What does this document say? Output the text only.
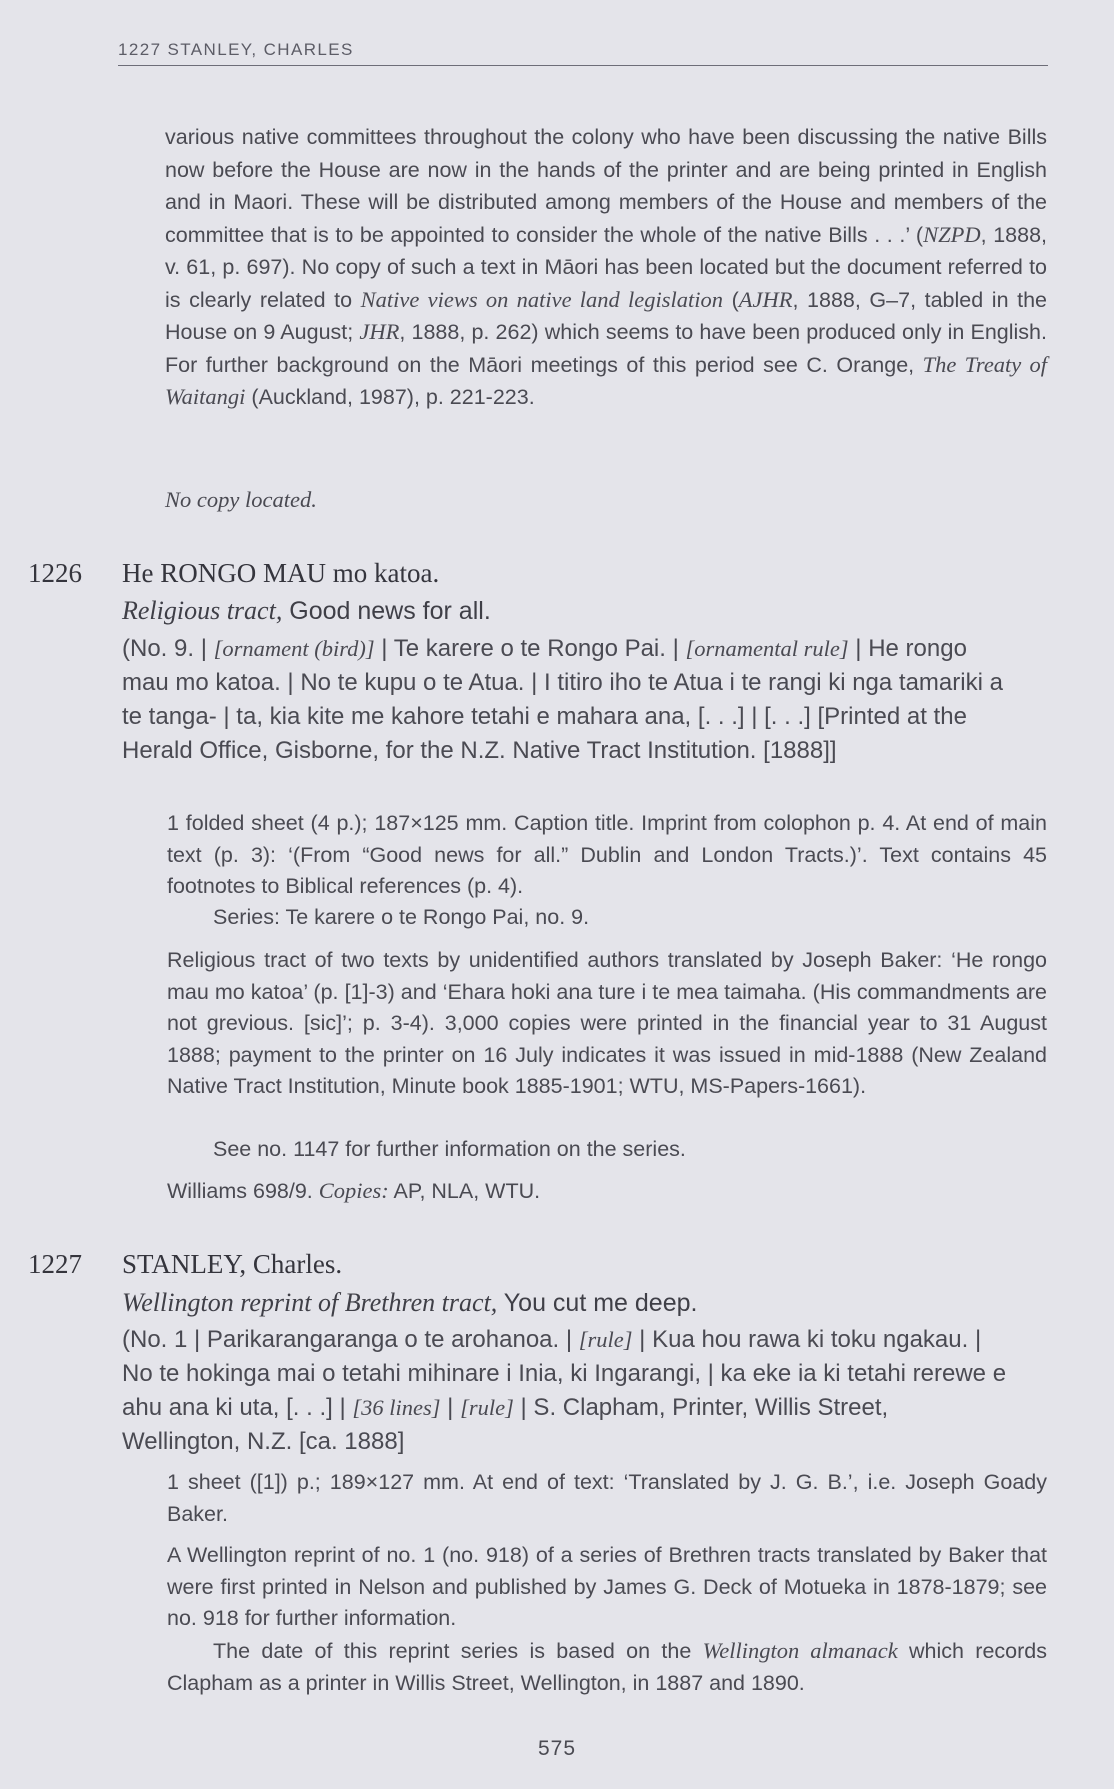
1227 STANLEY, CHARLES
various native committees throughout the colony who have been discussing the native Bills now before the House are now in the hands of the printer and are being printed in English and in Maori. These will be distributed among members of the House and members of the committee that is to be appointed to consider the whole of the native Bills . . .’ (NZPD, 1888, v. 61, p. 697). No copy of such a text in Māori has been located but the document referred to is clearly related to Native views on native land legislation (AJHR, 1888, G–7, tabled in the House on 9 August; JHR, 1888, p. 262) which seems to have been produced only in English. For further background on the Māori meetings of this period see C. Orange, The Treaty of Waitangi (Auckland, 1987), p. 221-223.
No copy located.
1226 He RONGO MAU mo katoa.
Religious tract, Good news for all.
(No. 9. | [ornament (bird)] | Te karere o te Rongo Pai. | [ornamental rule] | He rongo mau mo katoa. | No te kupu o te Atua. | I titiro iho te Atua i te rangi ki nga tamariki a te tanga- | ta, kia kite me kahore tetahi e mahara ana, [. . .] | [. . .] [Printed at the Herald Office, Gisborne, for the N.Z. Native Tract Institution. [1888]]
1 folded sheet (4 p.); 187×125 mm. Caption title. Imprint from colophon p. 4. At end of main text (p. 3): ‘(From “Good news for all.” Dublin and London Tracts.)’. Text contains 45 footnotes to Biblical references (p. 4).
Series: Te karere o te Rongo Pai, no. 9.
Religious tract of two texts by unidentified authors translated by Joseph Baker: ‘He rongo mau mo katoa’ (p. [1]-3) and ‘Ehara hoki ana ture i te mea taimaha. (His commandments are not grevious. [sic]’; p. 3-4). 3,000 copies were printed in the financial year to 31 August 1888; payment to the printer on 16 July indicates it was issued in mid-1888 (New Zealand Native Tract Institution, Minute book 1885-1901; WTU, MS-Papers-1661).
See no. 1147 for further information on the series.
Williams 698/9. Copies: AP, NLA, WTU.
1227 STANLEY, Charles.
Wellington reprint of Brethren tract, You cut me deep.
(No. 1 | Parikarangaranga o te arohanoa. | [rule] | Kua hou rawa ki toku ngakau. | No te hokinga mai o tetahi mihinare i Inia, ki Ingarangi, | ka eke ia ki tetahi rerewe e ahu ana ki uta, [. . .] | [36 lines] | [rule] | S. Clapham, Printer, Willis Street, Wellington, N.Z. [ca. 1888]
1 sheet ([1]) p.; 189×127 mm. At end of text: ‘Translated by J. G. B.’, i.e. Joseph Goady Baker.
A Wellington reprint of no. 1 (no. 918) of a series of Brethren tracts translated by Baker that were first printed in Nelson and published by James G. Deck of Motueka in 1878-1879; see no. 918 for further information.
The date of this reprint series is based on the Wellington almanack which records Clapham as a printer in Willis Street, Wellington, in 1887 and 1890.
575
